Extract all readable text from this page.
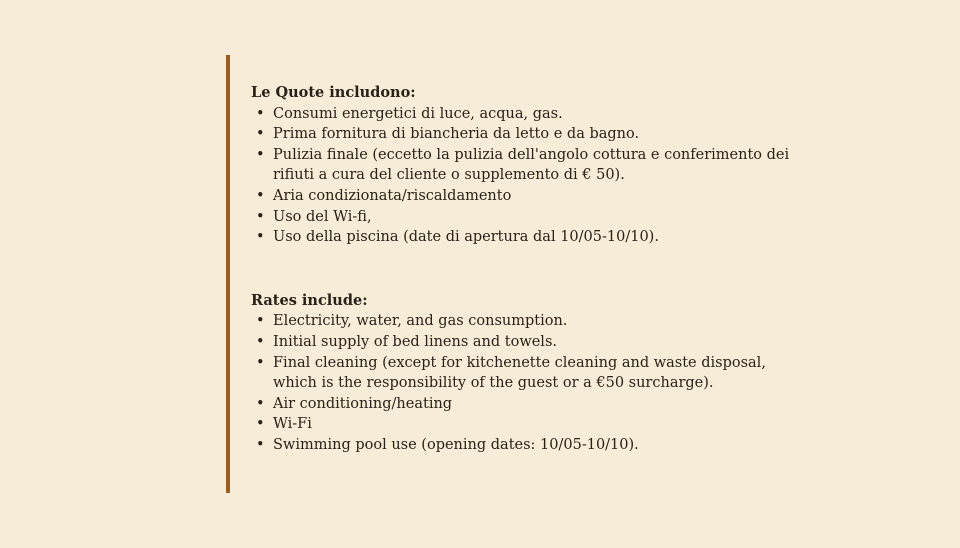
Le Quote includono:

• Consumi energetici di luce, acqua, gas.
• Prima fornitura di biancheria da letto e da bagno.
• Pulizia finale (eccetto la pulizia dell'angolo cottura e conferimento dei rifiuti a cura del cliente o supplemento di € 50).
• Aria condizionata/riscaldamento
• Uso del Wi-fi,
• Uso della piscina (date di apertura dal 10/05-10/10).

Rates include:

• Electricity, water, and gas consumption.
• Initial supply of bed linens and towels.
• Final cleaning (except for kitchenette cleaning and waste disposal, which is the responsibility of the guest or a €50 surcharge).
• Air conditioning/heating
• Wi-Fi
• Swimming pool use (opening dates: 10/05-10/10).
